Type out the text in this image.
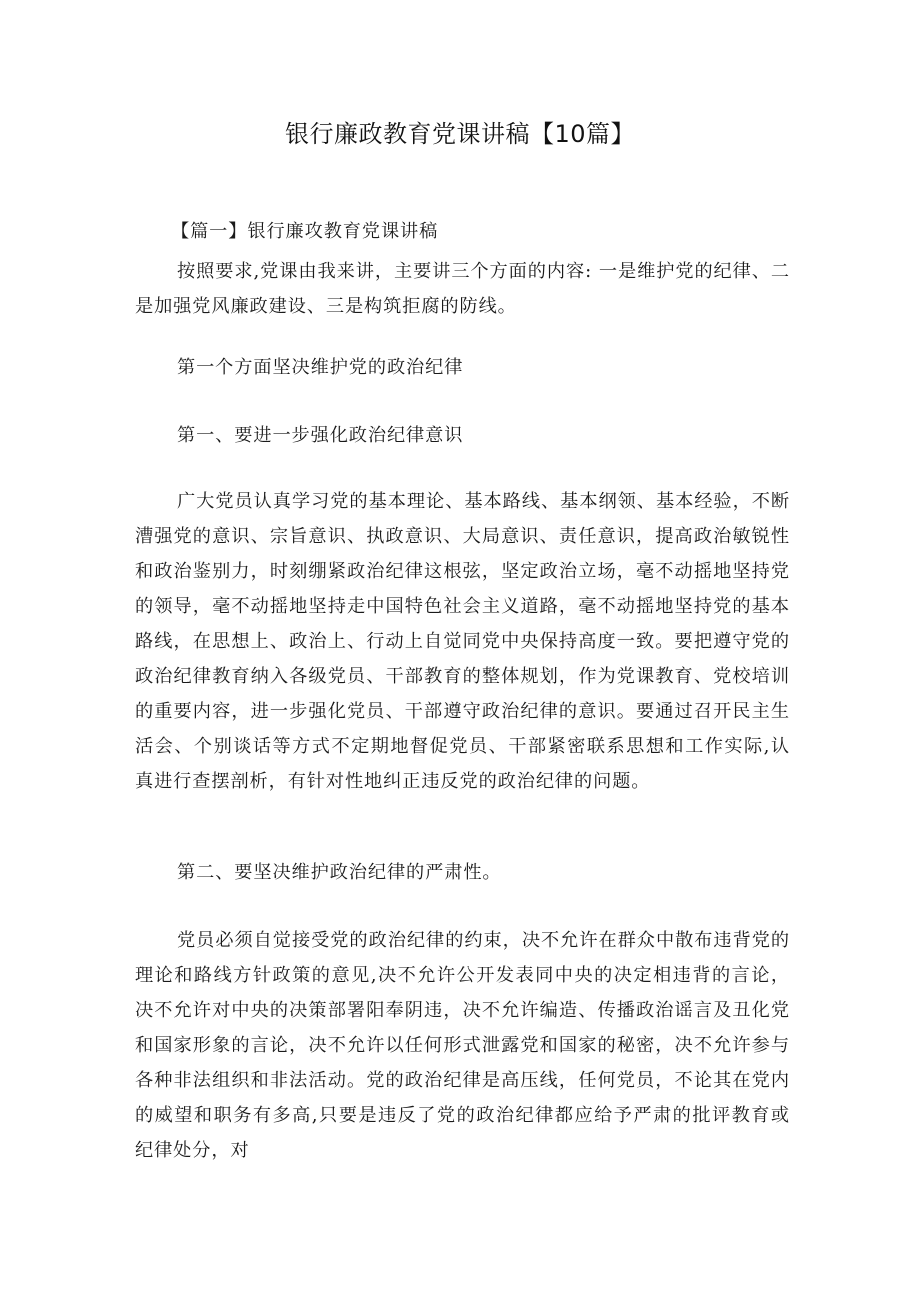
银行廉政教育党课讲稿【10篇】

【篇一】银行廉攻教育党课讲稿

按照要求,党课由我来讲，主要讲三个方面的内容: 一是维护党的纪律、二是加强党风廉政建设、三是构筑拒腐的防线。

第一个方面坚决维护党的政治纪律

第一、要进一步强化政治纪律意识

广大党员认真学习党的基本理论、基本路线、基本纲领、基本经验，不断漕强党的意识、宗旨意识、执政意识、大局意识、责任意识，提高政治敏锐性和政治鉴别力，时刻绷紧政治纪律这根弦，坚定政治立场，毫不动摇地坚持党的领导，毫不动摇地坚持走中国特色社会主义道路，毫不动摇地坚持党的基本路线，在思想上、政治上、行动上自觉同党中央保持高度一致。要把遵守党的政治纪律教育纳入各级党员、干部教育的整体规划，作为党课教育、党校培训的重要内容，进一步强化党员、干部遵守政治纪律的意识。要通过召开民主生活会、个别谈话等方式不定期地督促党员、干部紧密联系思想和工作实际,认真进行查摆剖析，有针对性地纠正违反党的政治纪律的问题。

第二、要坚决维护政治纪律的严肃性。

党员必须自觉接受党的政治纪律的约束，决不允许在群众中散布违背党的理论和路线方针政策的意见,决不允许公开发表同中央的决定相违背的言论，决不允许对中央的决策部署阳奉阴违，决不允许编造、传播政治谣言及丑化党和国家形象的言论，决不允许以任何形式泄露党和国家的秘密，决不允许参与各种非法组织和非法活动。党的政治纪律是高压线，任何党员，不论其在党内的威望和职务有多高,只要是违反了党的政治纪律都应给予严肃的批评教育或纪律处分，对
